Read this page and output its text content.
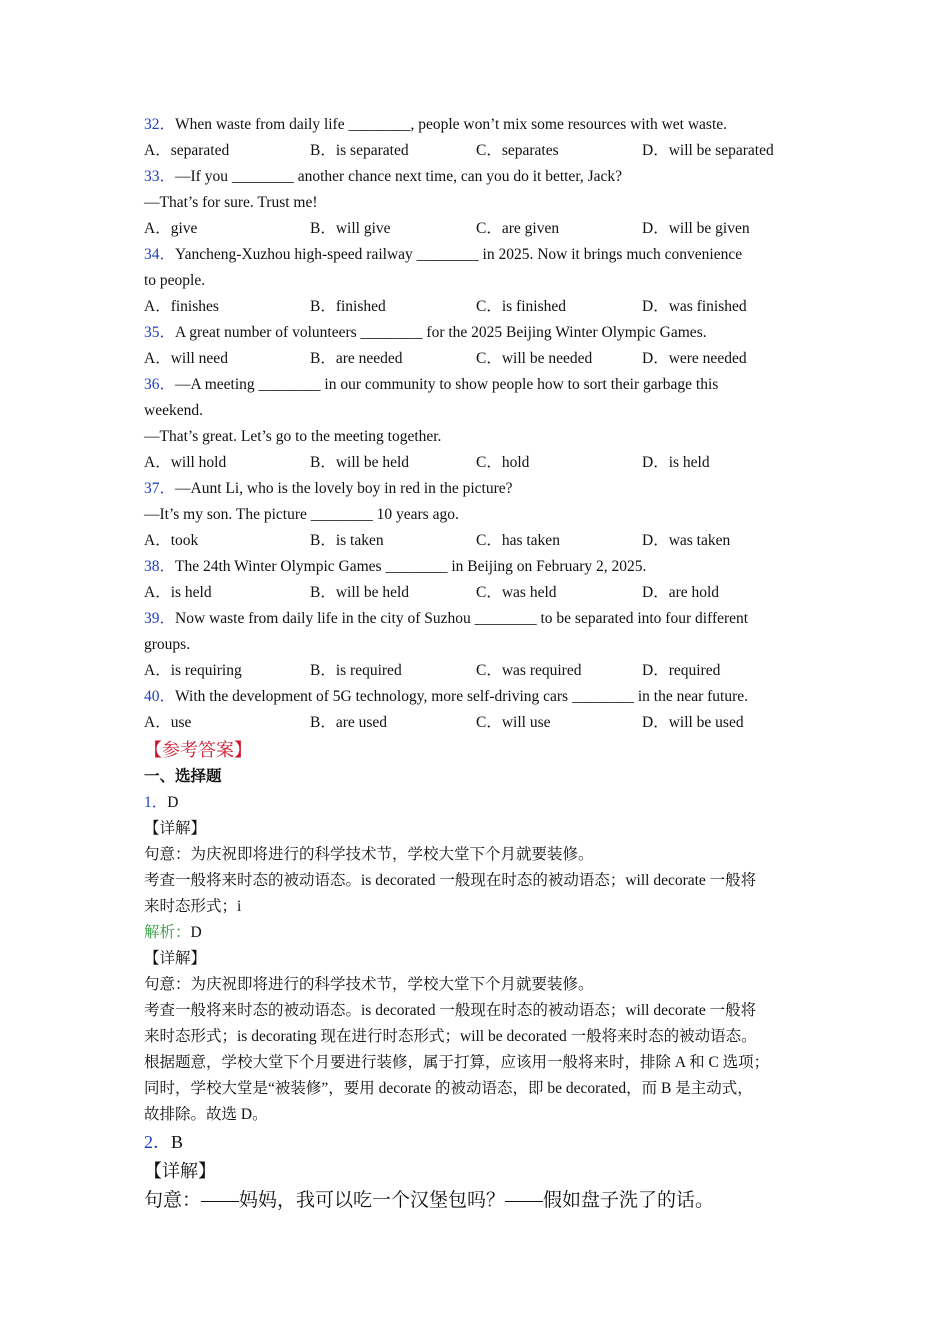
32．When waste from daily life ________, people won’t mix some resources with wet waste.
A．separated	B．is separated	C．separates	D．will be separated
33．—If you ________ another chance next time, can you do it better, Jack?
—That’s for sure. Trust me!
A．give	B．will give	C．are given	D．will be given
34．Yancheng-Xuzhou high-speed railway ________ in 2025. Now it brings much convenience
to people.
A．finishes	B．finished	C．is finished	D．was finished
35．A great number of volunteers ________ for the 2025 Beijing Winter Olympic Games.
A．will need	B．are needed	C．will be needed	D．were needed
36．—A meeting ________ in our community to show people how to sort their garbage this
weekend.
—That’s great. Let’s go to the meeting together.
A．will hold	B．will be held	C．hold	D．is held
37．—Aunt Li, who is the lovely boy in red in the picture?
—It’s my son. The picture ________ 10 years ago.
A．took	B．is taken	C．has taken	D．was taken
38．The 24th Winter Olympic Games ________ in Beijing on February 2, 2025.
A．is held	B．will be held	C．was held	D．are hold
39．Now waste from daily life in the city of Suzhou ________ to be separated into four different
groups.
A．is requiring	B．is required	C．was required	D．required
40．With the development of 5G technology, more self-driving cars ________ in the near future.
A．use	B．are used	C．will use	D．will be used
【参考答案】
一、选择题
1．D
【详解】
句意：为庆祝即将进行的科学技术节，学校大堂下个月就要装修。
考查一般将来时态的被动语态。is decorated 一般现在时态的被动语态；will decorate 一般将
来时态形式；i
解析：D
【详解】
句意：为庆祝即将进行的科学技术节，学校大堂下个月就要装修。
考查一般将来时态的被动语态。is decorated 一般现在时态的被动语态；will decorate 一般将
来时态形式；is decorating 现在进行时态形式；will be decorated 一般将来时态的被动语态。
根据题意，学校大堂下个月要进行装修，属于打算，应该用一般将来时，排除 A 和 C 选项；
同时，学校大堂是“被装修”，要用 decorate 的被动语态，即 be decorated，而 B 是主动式，
故排除。故选 D。
2．B
【详解】
句意：——妈妈，我可以吃一个汉堡包吗？——假如盘子洗了的话。
